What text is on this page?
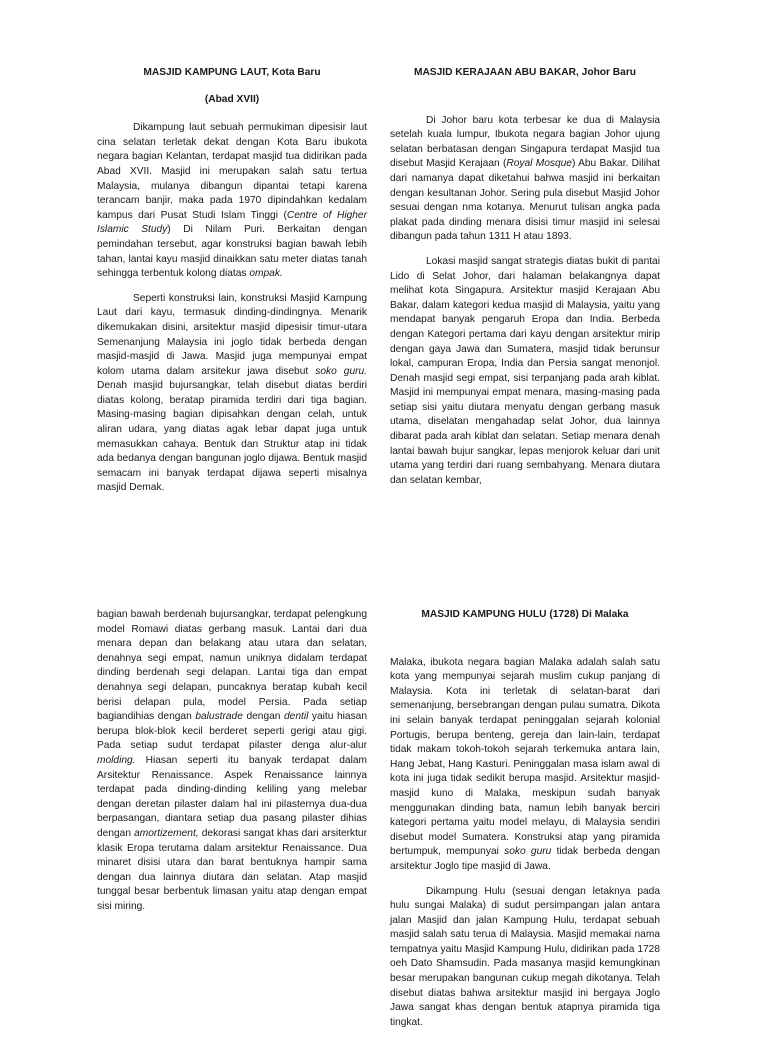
MASJID KAMPUNG LAUT, Kota Baru
(Abad XVII)

Dikampung laut sebuah permukiman dipesisir laut cina selatan terletak dekat dengan Kota Baru ibukota negara bagian Kelantan, terdapat masjid tua didirikan pada Abad XVII. Masjid ini merupakan salah satu tertua Malaysia, mulanya dibangun dipantai tetapi karena terancam banjir, maka pada 1970 dipindahkan kedalam kampus dari Pusat Studi Islam Tinggi (Centre of Higher Islamic Study) Di Nilam Puri. Berkaitan dengan pemindahan tersebut, agar konstruksi bagian bawah lebih tahan, lantai kayu masjid dinaikkan satu meter diatas tanah sehingga terbentuk kolong diatas ompak.

Seperti konstruksi lain, konstruksi Masjid Kampung Laut dari kayu, termasuk dinding-dindingnya. Menarik dikemukakan disini, arsitektur masjid dipesisir timur-utara Semenanjung Malaysia ini joglo tidak berbeda dengan masjid-masjid di Jawa. Masjid juga mempunyai empat kolom utama dalam arsitekur jawa disebut soko guru. Denah masjid bujursangkar, telah disebut diatas berdiri diatas kolong, beratap piramida terdiri dari tiga bagian. Masing-masing bagian dipisahkan dengan celah, untuk aliran udara, yang diatas agak lebar dapat juga untuk memasukkan cahaya. Bentuk dan Struktur atap ini tidak ada bedanya dengan bangunan joglo dijawa. Bentuk masjid semacam ini banyak terdapat dijawa seperti misalnya masjid Demak.

MASJID KERAJAAN ABU BAKAR, Johor Baru

Di Johor baru kota terbesar ke dua di Malaysia setelah kuala lumpur, Ibukota negara bagian Johor ujung selatan berbatasan dengan Singapura terdapat Masjid tua disebut Masjid Kerajaan (Royal Mosque) Abu Bakar. Dilihat dari namanya dapat diketahui bahwa masjid ini berkaitan dengan kesultanan Johor. Sering pula disebut Masjid Johor sesuai dengan nma kotanya. Menurut tulisan angka pada plakat pada dinding menara disisi timur masjid ini selesai dibangun pada tahun 1311 H atau 1893.

Lokasi masjid sangat strategis diatas bukit di pantai Lido di Selat Johor, dari halaman belakangnya dapat melihat kota Singapura. Arsitektur masjid Kerajaan Abu Bakar, dalam kategori kedua masjid di Malaysia, yaitu yang mendapat banyak pengaruh Eropa dan India. Berbeda dengan Kategori pertama dari kayu dengan arsitektur mirip dengan gaya Jawa dan Sumatera, masjid tidak berunsur lokal, campuran Eropa, India dan Persia sangat menonjol. Denah masjid segi empat, sisi terpanjang pada arah kiblat. Masjid ini mempunyai empat menara, masing-masing pada setiap sisi yaitu diutara menyatu dengan gerbang masuk utama, diselatan mengahadap selat Johor, dua lainnya dibarat pada arah kiblat dan selatan. Setiap menara denah lantai bawah bujur sangkar, lepas menjorok keluar dari unit utama yang terdiri dari ruang sembahyang. Menara diutara dan selatan kembar,

bagian bawah berdenah bujursangkar, terdapat pelengkung model Romawi diatas gerbang masuk. Lantai dari dua menara depan dan belakang atau utara dan selatan, denahnya segi empat, namun uniknya didalam terdapat dinding berdenah segi delapan. Lantai tiga dan empat denahnya segi delapan, puncaknya beratap kubah kecil berisi delapan pula, model Persia. Pada setiap bagiandihias dengan balustrade dengan dentil yaitu hiasan berupa blok-blok kecil berderet seperti gerigi atau gigi. Pada setiap sudut terdapat pilaster denga alur-alur molding. Hiasan seperti itu banyak terdapat dalam Arsitektur Renaissance. Aspek Renaissance lainnya terdapat pada dinding-dinding keliling yang melebar dengan deretan pilaster dalam hal ini pilasternya dua-dua berpasangan, diantara setiap dua pasang pilaster dihias dengan amortizement, dekorasi sangat khas dari arsiterktur klasik Eropa terutama dalam arsitektur Renaissance. Dua minaret disisi utara dan barat bentuknya hampir sama dengan dua lainnya diutara dan selatan. Atap masjid tunggal besar berbentuk limasan yaitu atap dengan empat sisi miring.

MASJID KAMPUNG HULU (1728) Di Malaka

Malaka, ibukota negara bagian Malaka adalah salah satu kota yang mempunyai sejarah muslim cukup panjang di Malaysia. Kota ini terletak di selatan-barat dari semenanjung, bersebrangan dengan pulau sumatra. Dikota ini selain banyak terdapat peninggalan sejarah kolonial Portugis, berupa benteng, gereja dan lain-lain, terdapat tidak makam tokoh-tokoh sejarah terkemuka antara lain, Hang Jebat, Hang Kasturi. Peninggalan masa islam awal di kota ini juga tidak sedikit berupa masjid. Arsitektur masjid-masjid kuno di Malaka, meskipun sudah banyak menggunakan dinding bata, namun lebih banyak berciri kategori pertama yaitu model melayu, di Malaysia sendiri disebut model Sumatera. Konstruksi atap yang piramida bertumpuk, mempunyai soko guru tidak berbeda dengan arsitektur Joglo tipe masjid di Jawa.

Dikampung Hulu (sesuai dengan letaknya pada hulu sungai Malaka) di sudut persimpangan jalan antara jalan Masjid dan jalan Kampung Hulu, terdapat sebuah masjid salah satu terua di Malaysia. Masjid memakai nama tempatnya yaitu Masjid Kampung Hulu, didirikan pada 1728 oeh Dato Shamsudin. Pada masanya masjid kemungkinan besar merupakan bangunan cukup megah dikotanya. Telah disebut diatas bahwa arsitektur masjid ini bergaya Joglo Jawa sangat khas dengan bentuk atapnya piramida tiga tingkat.
